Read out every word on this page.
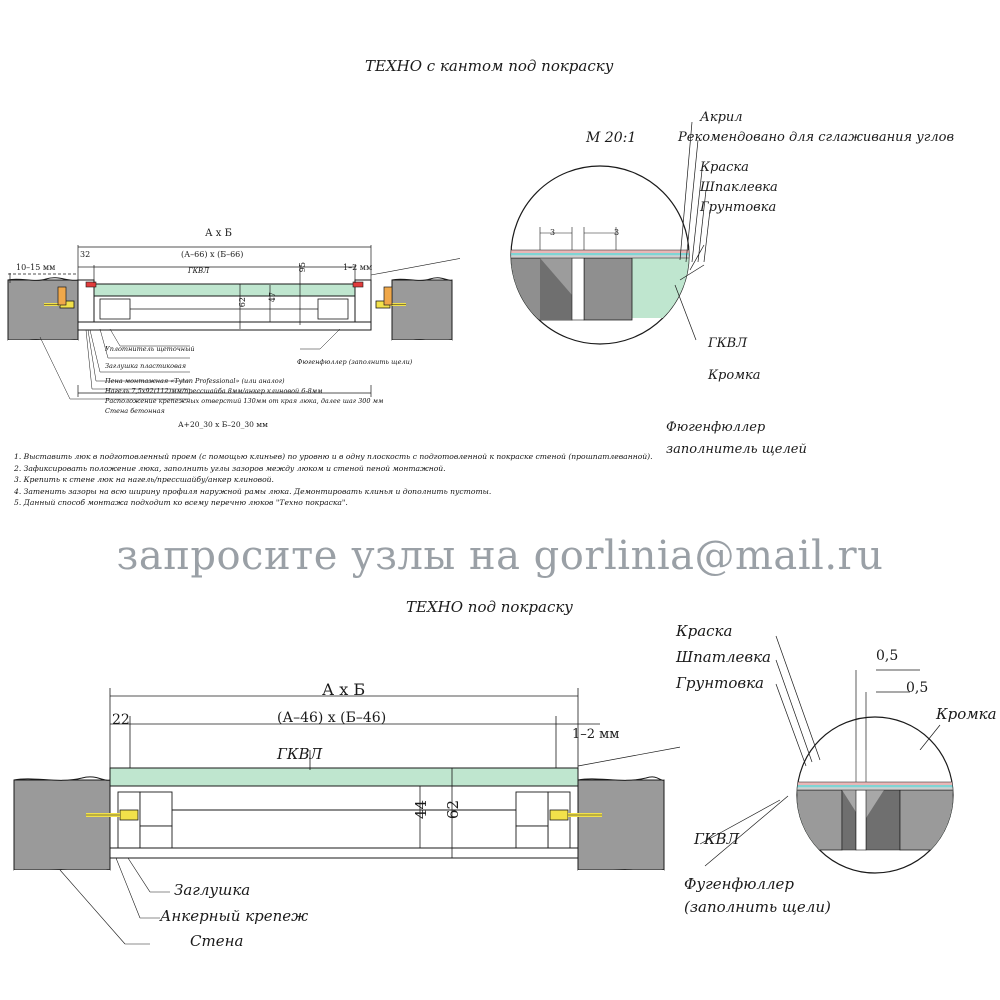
ТЕХНО с кантом под покраску
А х Б
(А–66) х (Б–66)
32
10–15 мм	1–2 мм
95
47
62
ГКВЛ
А+20_30 х Б–20_30 мм
Уплотнитель щеточный
Заглушка пластиковая
Пена монтажная «Tytan Professional» (или аналог)
Нагель 7,5х92(112)мм/прессшайба 8мм/анкер клиновой 6-8мм
Расположение крепежных отверстий 130мм от края люка, далее шаг 300 мм
Стена бетонная
Фюгенфюллер (заполнить щели)
3	3
М 20:1
Акрил
Рекомендовано для сглаживания углов
Краска
Шпаклевка
Грунтовка
ГКВЛ
Кромка
Фюгенфюллер
заполнитель щелей
1. Выставить люк в подготовленный проем (с помощью клиньев) по уровню и в одну плоскость с подготовленной к покраске стеной (прошпатлеванной).
2. Зафиксировать положение люка, заполнить углы зазоров между люком и стеной пеной монтажной.
3. Крепить к стене люк на нагель/прессшайбу/анкер клиновой.
4. Затенить зазоры на всю ширину профиля наружной рамы люка. Демонтировать клинья и дополнить пустоты.
5. Данный способ монтажа подходит ко всему перечню люков "Техно покраска".
запросите узлы на gorlinia@mail.ru
ТЕХНО под покраску
А х Б
(А–46) х (Б–46)
22
1–2 мм
44 62
ГКВЛ
Заглушка
Анкерный крепеж
Стена
0,5
0,5
Краска
Шпатлевка
Грунтовка
Кромка
ГКВЛ
Фугенфюллер
(заполнить щели)
